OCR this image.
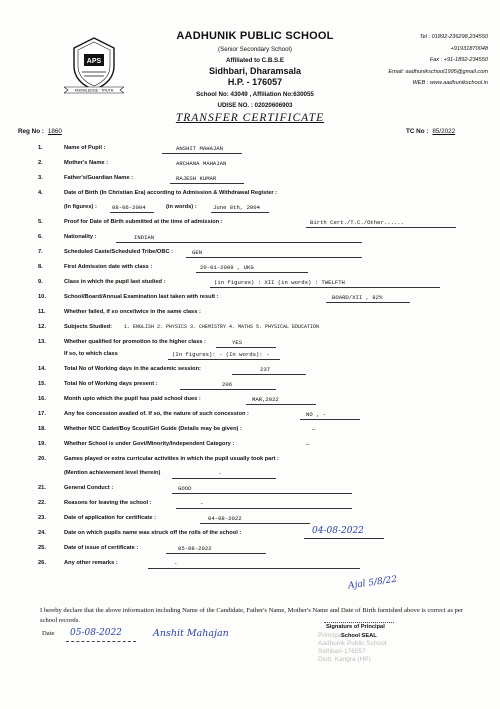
APS
KNOWLEDGE · TRUTH
AADHUNIK PUBLIC SCHOOL
(Senior Secondary School)
Affiliated to C.B.S.E
Sidhbari, Dharamsala
H.P. - 176057
School No: 43049 , Affiliation No:630055
UDISE NO. : 02020606903
Tel : 01892-236298,234550
+91931870048
Fax : +91-1892-234550
Email: aadhunikschool1995@gmail.com
WEB : www.aadhunikschool.in
TRANSFER CERTIFICATE
Reg No : 1860	TC No : 85/2022
1.	Name of Pupil :	ANSHIT MAHAJAN
2.	Mother's Name :	ARCHANA MAHAJAN
3.	Father's/Guardian Name :	RAJESH KUMAR
4.	Date of Birth (In Christian Era) according to Admission & Withdrawal Register :
(In figures) :	08-06-2004	(in words) :	June 8th, 2004
5.	Proof for Date of Birth submitted at the time of admission :	Birth Cert./T.C./Other......
6.	Nationality :	INDIAN
7.	Scheduled Caste/Scheduled Tribe/OBC :	GEN
8.	First Admission date with class :	20-01-2009 , UKG
9.	Class in which the pupil last studied :	(in figures) : XII (in words) : TWELFTH
10.	School/Board/Annual Examination last taken with result :	BOARD/XII , 82%
11.	Whether failed, if so once/twice in the same class :
12.	Subjects Studied: 1. ENGLISH 2. PHYSICS 3. CHEMISTRY 4. MATHS 5. PHYSICAL EDUCATION
13.	Whether qualified for promotion to the higher class :	YES
If so, to which class	(In figures): - (In words): -
14.	Total No of Working days in the academic session:	237
15.	Total No of Working days present :	206
16.	Month upto which the pupil has paid school dues :	MAR,2022
17.	Any fee concession availed of. If so, the nature of such concession :	NO , -
18.	Whether NCC Cadet/Boy Scout/Girl Guide (Details may be given) :	—
19.	Whether School is under Govt/Minority/Independent Category :	—
20.	Games played or extra curricular activities in which the pupil usually took part :
(Mention achievement level therein)	-
21.	General Conduct :	GOOD
22.	Reasons for leaving the school :	-
23.	Date of application for certificate :	04-08-2022
24.	Date on which pupils name was struck off the rolls of the school :	04-08-2022
25.	Date of issue of certificate :	05-08-2022
26.	Any other remarks :	-
I hereby declare that the above information including Name of the Candidate, Father's Name, Mother's Name and Date of Birth furnished above is correct as per school records.
Date 05-08-2022	Anshit Mahajan
Ajal 5/8/22
Signature of Principal
Principal
Aadhunik Public School
Sidhbari-176057
Distt. Kangra (HP)
School SEAL
